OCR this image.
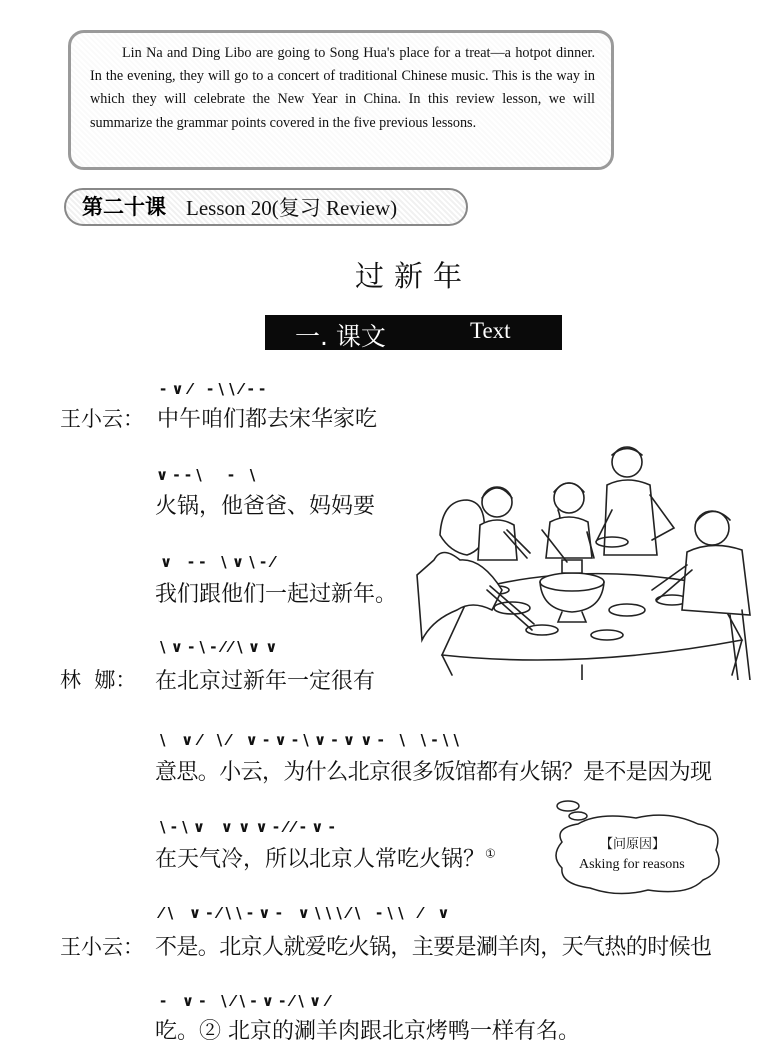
Lin Na and Ding Libo are going to Song Hua's place for a treat—a hotpot dinner. In the evening, they will go to a concert of traditional Chinese music. This is the way in which they will celebrate the New Year in China. In this review lesson, we will summarize the grammar points covered in the five previous lessons.
第二十课 Lesson 20(复习 Review)
过新年
一. 课文	Text
- ∨ ⁄   - \ \ ⁄ - -
王小云： 中午咱们都去宋华家吃
∨ - - \     -   \
火锅，他爸爸、妈妈要
∨   - -   \ ∨ \ - ⁄
我们跟他们一起过新年。
\ ∨ - \ - ⁄ ⁄ \ ∨ ∨
林  娜： 在北京过新年一定很有
\   ∨ ⁄   \ ⁄   ∨ - ∨ - \ ∨ - ∨ ∨ -   \   \ - \ \
意思。小云，为什么北京很多饭馆都有火锅？是不是因为现
\ - \ ∨   ∨ ∨ ∨ - ⁄ ⁄ - ∨ -
在天气冷，所以北京人常吃火锅？①
⁄ \   ∨ - ⁄ \ \ - ∨ -   ∨ \ \ \ ⁄ \   - \ \   ⁄   ∨
王小云： 不是。北京人就爱吃火锅，主要是涮羊肉，天气热的时候也
-   ∨ -   \ ⁄ \ - ∨ - ⁄ \ ∨ ⁄
吃。② 北京的涮羊肉跟北京烤鸭一样有名。
【问原因】
Asking for reasons
